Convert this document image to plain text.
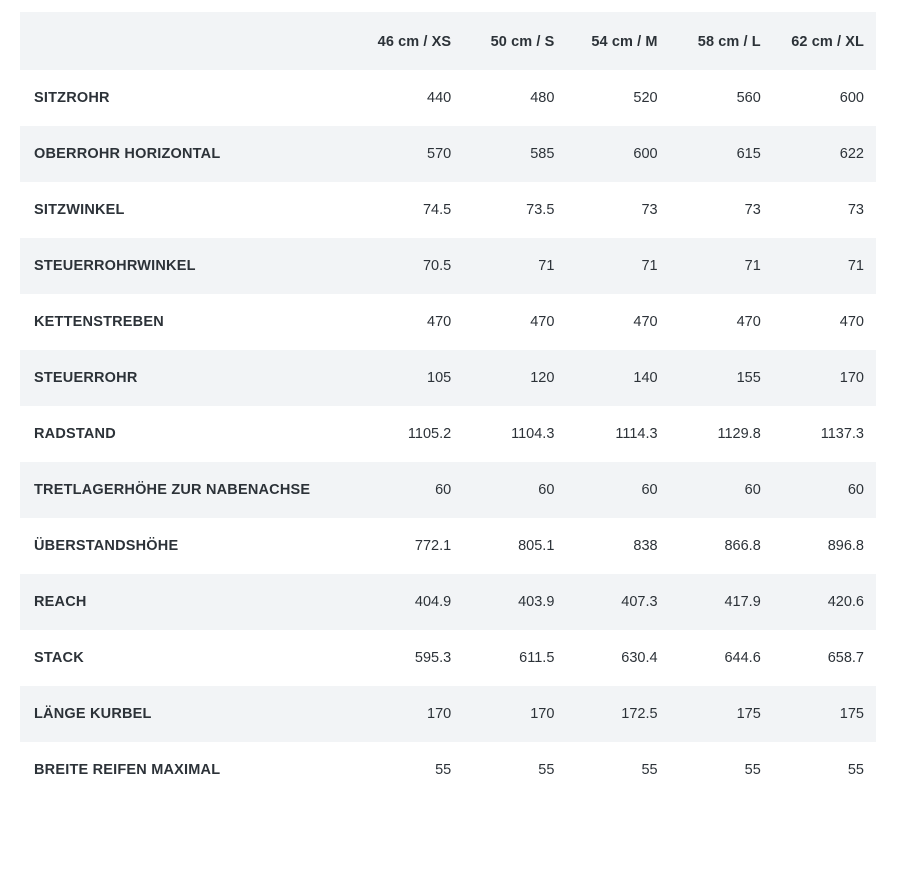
	46 cm / XS	50 cm / S	54 cm / M	58 cm / L	62 cm / XL
SITZROHR	440	480	520	560	600
OBERROHR HORIZONTAL	570	585	600	615	622
SITZWINKEL	74.5	73.5	73	73	73
STEUERROHRWINKEL	70.5	71	71	71	71
KETTENSTREBEN	470	470	470	470	470
STEUERROHR	105	120	140	155	170
RADSTAND	1105.2	1104.3	1114.3	1129.8	1137.3
TRETLAGERHÖHE ZUR NABENACHSE	60	60	60	60	60
ÜBERSTANDSHÖHE	772.1	805.1	838	866.8	896.8
REACH	404.9	403.9	407.3	417.9	420.6
STACK	595.3	611.5	630.4	644.6	658.7
LÄNGE KURBEL	170	170	172.5	175	175
BREITE REIFEN MAXIMAL	55	55	55	55	55
